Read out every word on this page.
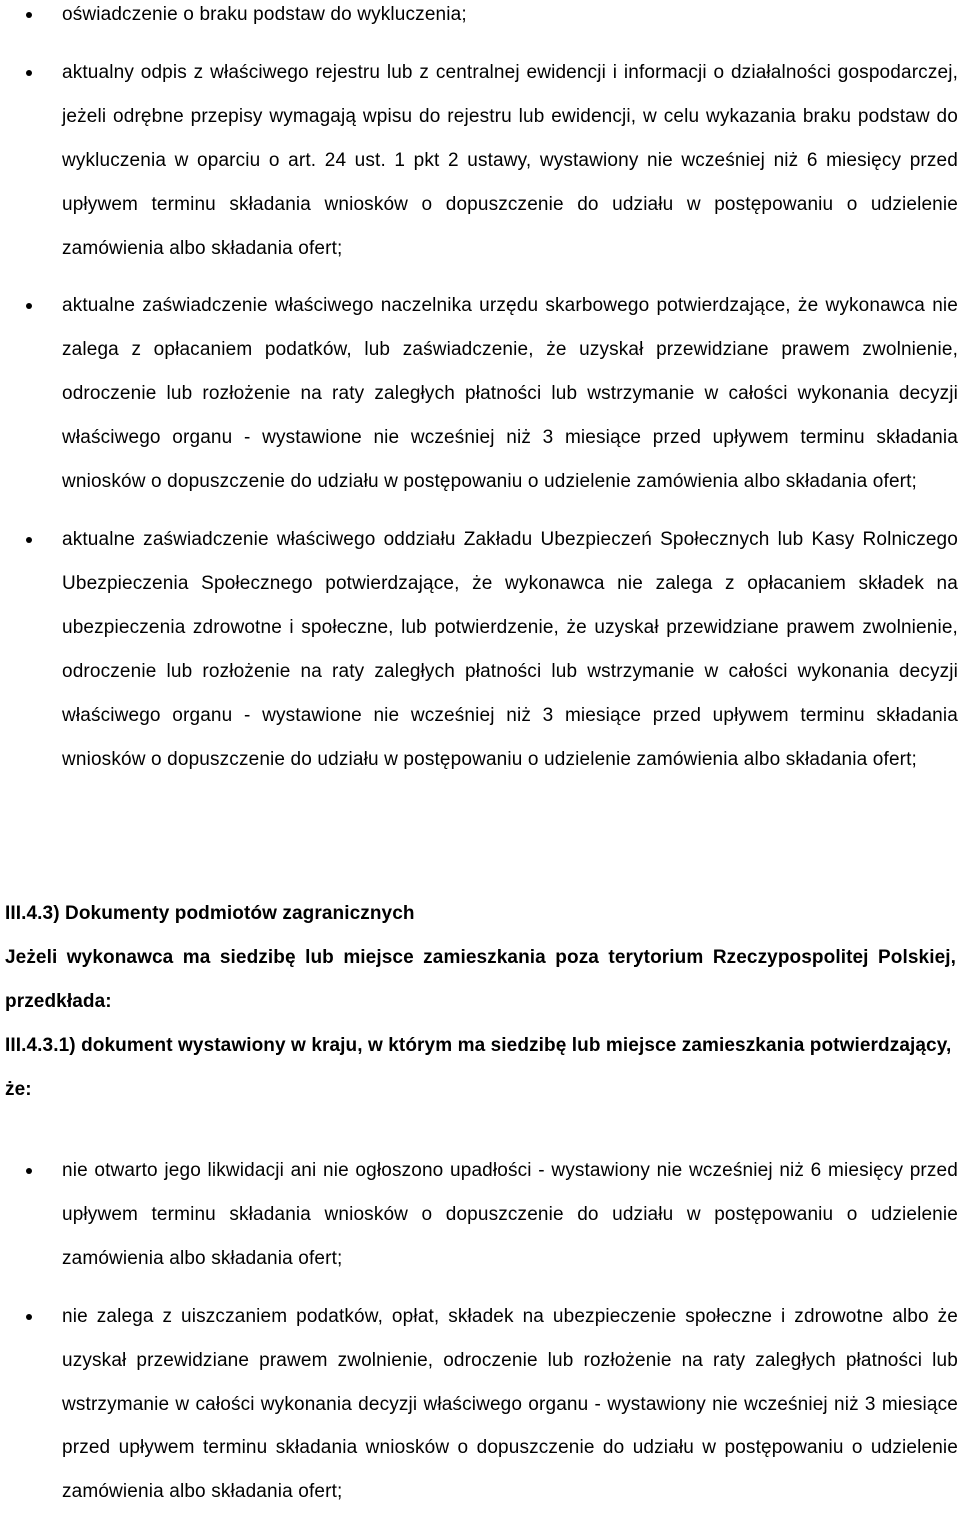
oświadczenie o braku podstaw do wykluczenia;
aktualny odpis z właściwego rejestru lub z centralnej ewidencji i informacji o działalności gospodarczej, jeżeli odrębne przepisy wymagają wpisu do rejestru lub ewidencji, w celu wykazania braku podstaw do wykluczenia w oparciu o art. 24 ust. 1 pkt 2 ustawy, wystawiony nie wcześniej niż 6 miesięcy przed upływem terminu składania wniosków o dopuszczenie do udziału w postępowaniu o udzielenie zamówienia albo składania ofert;
aktualne zaświadczenie właściwego naczelnika urzędu skarbowego potwierdzające, że wykonawca nie zalega z opłacaniem podatków, lub zaświadczenie, że uzyskał przewidziane prawem zwolnienie, odroczenie lub rozłożenie na raty zaległych płatności lub wstrzymanie w całości wykonania decyzji właściwego organu - wystawione nie wcześniej niż 3 miesiące przed upływem terminu składania wniosków o dopuszczenie do udziału w postępowaniu o udzielenie zamówienia albo składania ofert;
aktualne zaświadczenie właściwego oddziału Zakładu Ubezpieczeń Społecznych lub Kasy Rolniczego Ubezpieczenia Społecznego potwierdzające, że wykonawca nie zalega z opłacaniem składek na ubezpieczenia zdrowotne i społeczne, lub potwierdzenie, że uzyskał przewidziane prawem zwolnienie, odroczenie lub rozłożenie na raty zaległych płatności lub wstrzymanie w całości wykonania decyzji właściwego organu - wystawione nie wcześniej niż 3 miesiące przed upływem terminu składania wniosków o dopuszczenie do udziału w postępowaniu o udzielenie zamówienia albo składania ofert;
III.4.3) Dokumenty podmiotów zagranicznych
Jeżeli wykonawca ma siedzibę lub miejsce zamieszkania poza terytorium Rzeczypospolitej Polskiej, przedkłada:
III.4.3.1) dokument wystawiony w kraju, w którym ma siedzibę lub miejsce zamieszkania potwierdzający, że:
nie otwarto jego likwidacji ani nie ogłoszono upadłości - wystawiony nie wcześniej niż 6 miesięcy przed upływem terminu składania wniosków o dopuszczenie do udziału w postępowaniu o udzielenie zamówienia albo składania ofert;
nie zalega z uiszczaniem podatków, opłat, składek na ubezpieczenie społeczne i zdrowotne albo że uzyskał przewidziane prawem zwolnienie, odroczenie lub rozłożenie na raty zaległych płatności lub wstrzymanie w całości wykonania decyzji właściwego organu - wystawiony nie wcześniej niż 3 miesiące przed upływem terminu składania wniosków o dopuszczenie do udziału w postępowaniu o udzielenie zamówienia albo składania ofert;
